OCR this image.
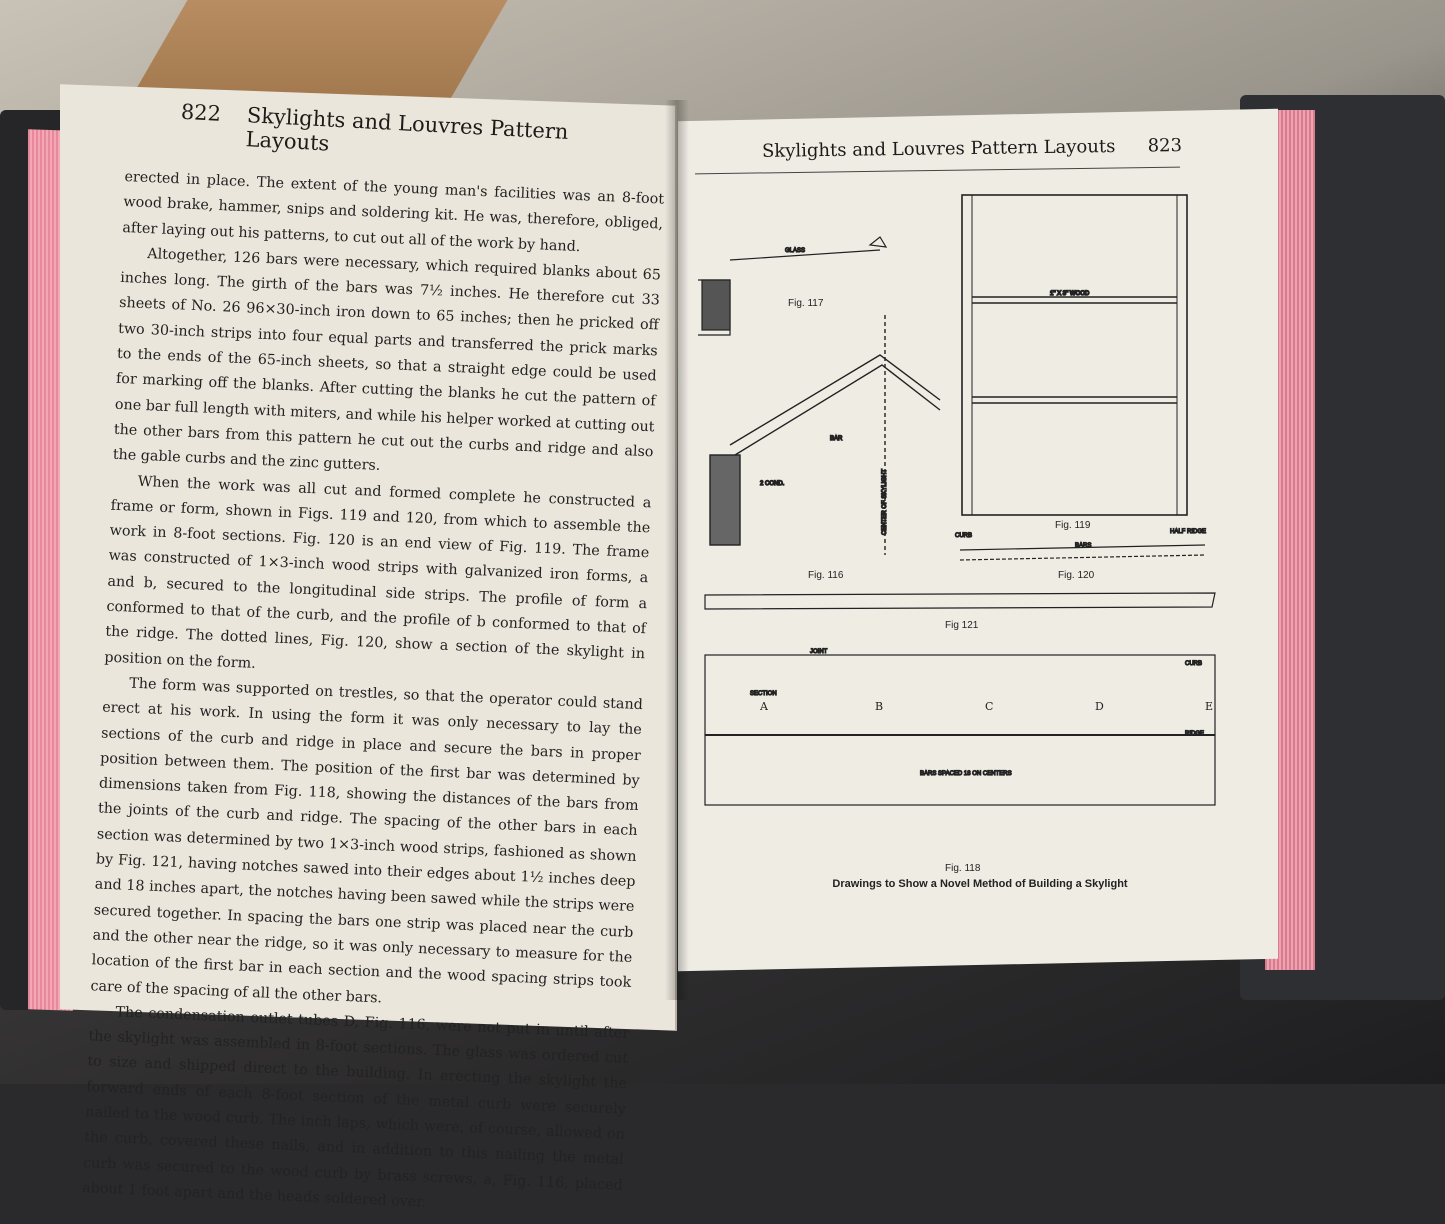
822 Skylights and Louvres Pattern Layouts

erected in place. The extent of the young man's facilities was an 8-foot wood brake, hammer, snips and soldering kit. He was, therefore, obliged, after laying out his patterns, to cut out all of the work by hand.

Altogether, 126 bars were necessary, which required blanks about 65 inches long. The girth of the bars was 7½ inches. He therefore cut 33 sheets of No. 26 96×30-inch iron down to 65 inches; then he pricked off two 30-inch strips into four equal parts and transferred the prick marks to the ends of the 65-inch sheets, so that a straight edge could be used for marking off the blanks. After cutting the blanks he cut the pattern of one bar full length with miters, and while his helper worked at cutting out the other bars from this pattern he cut out the curbs and ridge and also the gable curbs and the zinc gutters.

When the work was all cut and formed complete he constructed a frame or form, shown in Figs. 119 and 120, from which to assemble the work in 8-foot sections. Fig. 120 is an end view of Fig. 119. The frame was constructed of 1×3-inch wood strips with galvanized iron forms, a and b, secured to the longitudinal side strips. The profile of form a conformed to that of the curb, and the profile of b conformed to that of the ridge. The dotted lines, Fig. 120, show a section of the skylight in position on the form.

The form was supported on trestles, so that the operator could stand erect at his work. In using the form it was only necessary to lay the sections of the curb and ridge in place and secure the bars in proper position between them. The position of the first bar was determined by dimensions taken from Fig. 118, showing the distances of the bars from the joints of the curb and ridge. The spacing of the other bars in each section was determined by two 1×3-inch wood strips, fashioned as shown by Fig. 121, having notches sawed into their edges about 1½ inches deep and 18 inches apart, the notches having been sawed while the strips were secured together. In spacing the bars one strip was placed near the curb and the other near the ridge, so it was only necessary to measure for the location of the first bar in each section and the wood spacing strips took care of the spacing of all the other bars.

The condensation outlet tubes D, Fig. 116, were not put in until after the skylight was assembled in 8-foot sections. The glass was ordered cut to size and shipped direct to the building. In erecting the skylight the forward ends of each 8-foot section of the metal curb were securely nailed to the wood curb. The inch laps, which were, of course, allowed on the curb, covered these nails, and in addition to this nailing the metal curb was secured to the wood curb by brass screws, a, Fig. 116, placed about 1 foot apart and the heads soldered over.

Skylights and Louvres Pattern Layouts 823
GLASS
CENTER OF SKYLIGHT
BAR
2 COND.
1" X 3" WOOD
CURB
HALF RIDGE
BARS
SECTION
BARS SPACED 18 ON CENTERS
RIDGE
CURB
JOINT
A	B	C	D	E
Fig. 117
Fig. 116
Fig. 119
Fig. 120
Fig 121
Fig. 118
Drawings to Show a Novel Method of Building a Skylight
